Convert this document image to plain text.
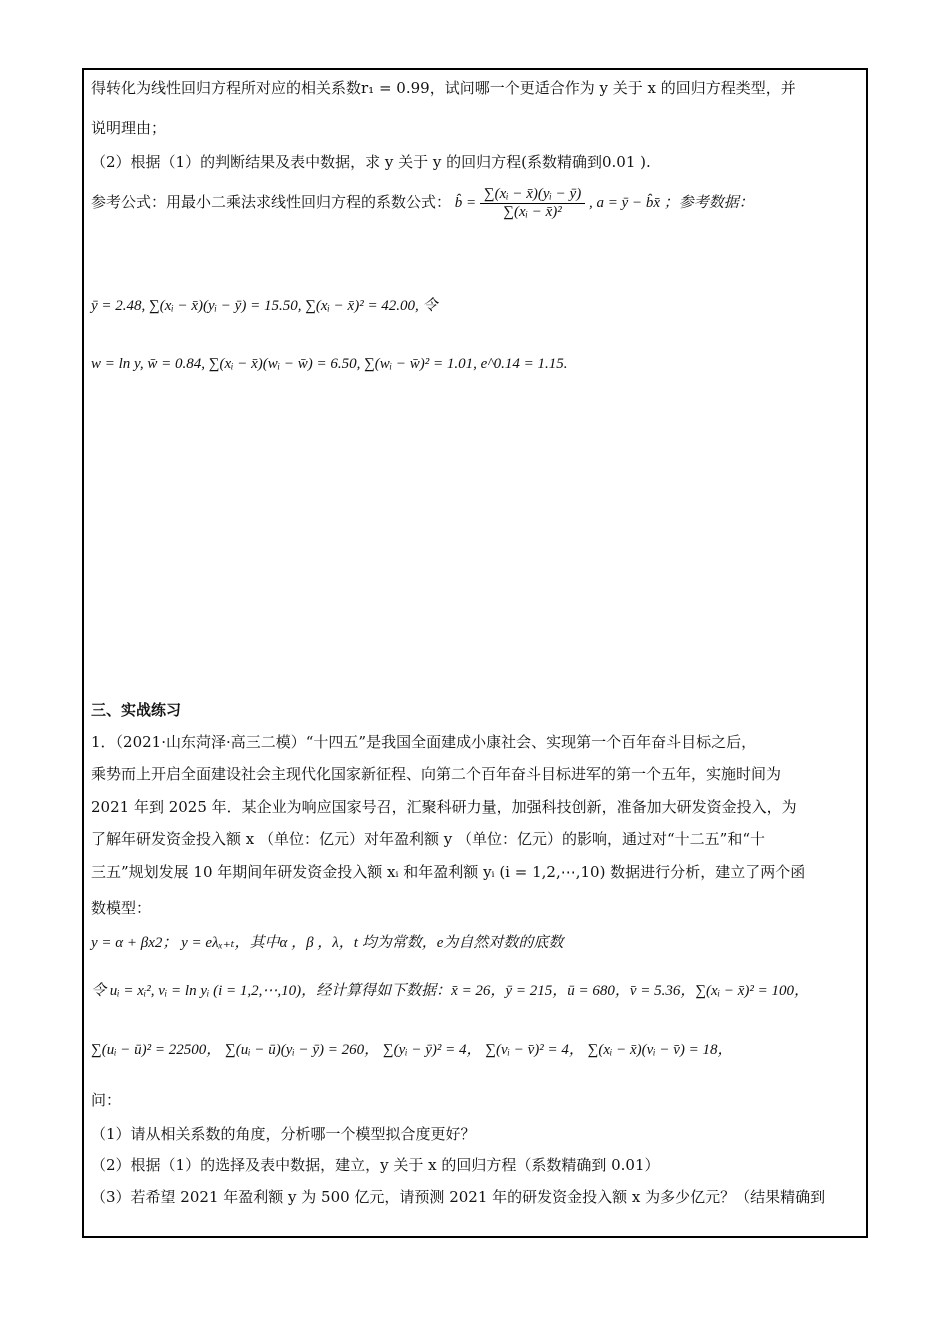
得转化为线性回归方程所对应的相关系数r₁ = 0.99，试问哪一个更适合作为 y 关于 x 的回归方程类型，并
说明理由；
（2）根据（1）的判断结果及表中数据，求 y 关于 y 的回归方程(系数精确到0.01 ).
参考公式：用最小二乘法求线性回归方程的系数公式： b̂ = $\frac{\text{∑(xᵢ − x̄)(yᵢ − ȳ)}}{\text{∑(xᵢ − x̄)²}}$ , a = ȳ − b̂x̄ ；参考数据：
ȳ = 2.48, ∑(xᵢ − x̄)(yᵢ − ȳ) = 15.50, ∑(xᵢ − x̄)² = 42.00, 令
w = ln y, w̄ = 0.84, ∑(xᵢ − x̄)(wᵢ − w̄) = 6.50, ∑(wᵢ − w̄)² = 1.01, e^0.14 = 1.15.
三、实战练习
1．（2021·山东菏泽·高三二模）“十四五”是我国全面建成小康社会、实现第一个百年奋斗目标之后，
乘势而上开启全面建设社会主现代化国家新征程、向第二个百年奋斗目标进军的第一个五年，实施时间为
2021 年到 2025 年．某企业为响应国家号召，汇聚科研力量，加强科技创新，准备加大研发资金投入，为
了解年研发资金投入额 x （单位：亿元）对年盈利额 y （单位：亿元）的影响，通过对“十二五”和“十
三五”规划发展 10 年期间年研发资金投入额 xᵢ 和年盈利额 yᵢ (i = 1,2,⋯,10) 数据进行分析，建立了两个函
数模型：
y = α + βx2； y = eλₓ₊ₜ，其中α ，β ，λ，t 均为常数，e为自然对数的底数
令 uᵢ = xᵢ², vᵢ = ln yᵢ (i = 1,2,⋯,10)，经计算得如下数据：x̄ = 26，ȳ = 215，ū = 680，v̄ = 5.36，∑(xᵢ − x̄)² = 100，
∑(uᵢ − ū)² = 22500， ∑(uᵢ − ū)(yᵢ − ȳ) = 260， ∑(yᵢ − ȳ)² = 4， ∑(vᵢ − v̄)² = 4， ∑(xᵢ − x̄)(vᵢ − v̄) = 18，
问：
（1）请从相关系数的角度，分析哪一个模型拟合度更好？
（2）根据（1）的选择及表中数据，建立，y 关于 x 的回归方程（系数精确到 0.01）
（3）若希望 2021 年盈利额 y 为 500 亿元，请预测 2021 年的研发资金投入额 x 为多少亿元？（结果精确到
